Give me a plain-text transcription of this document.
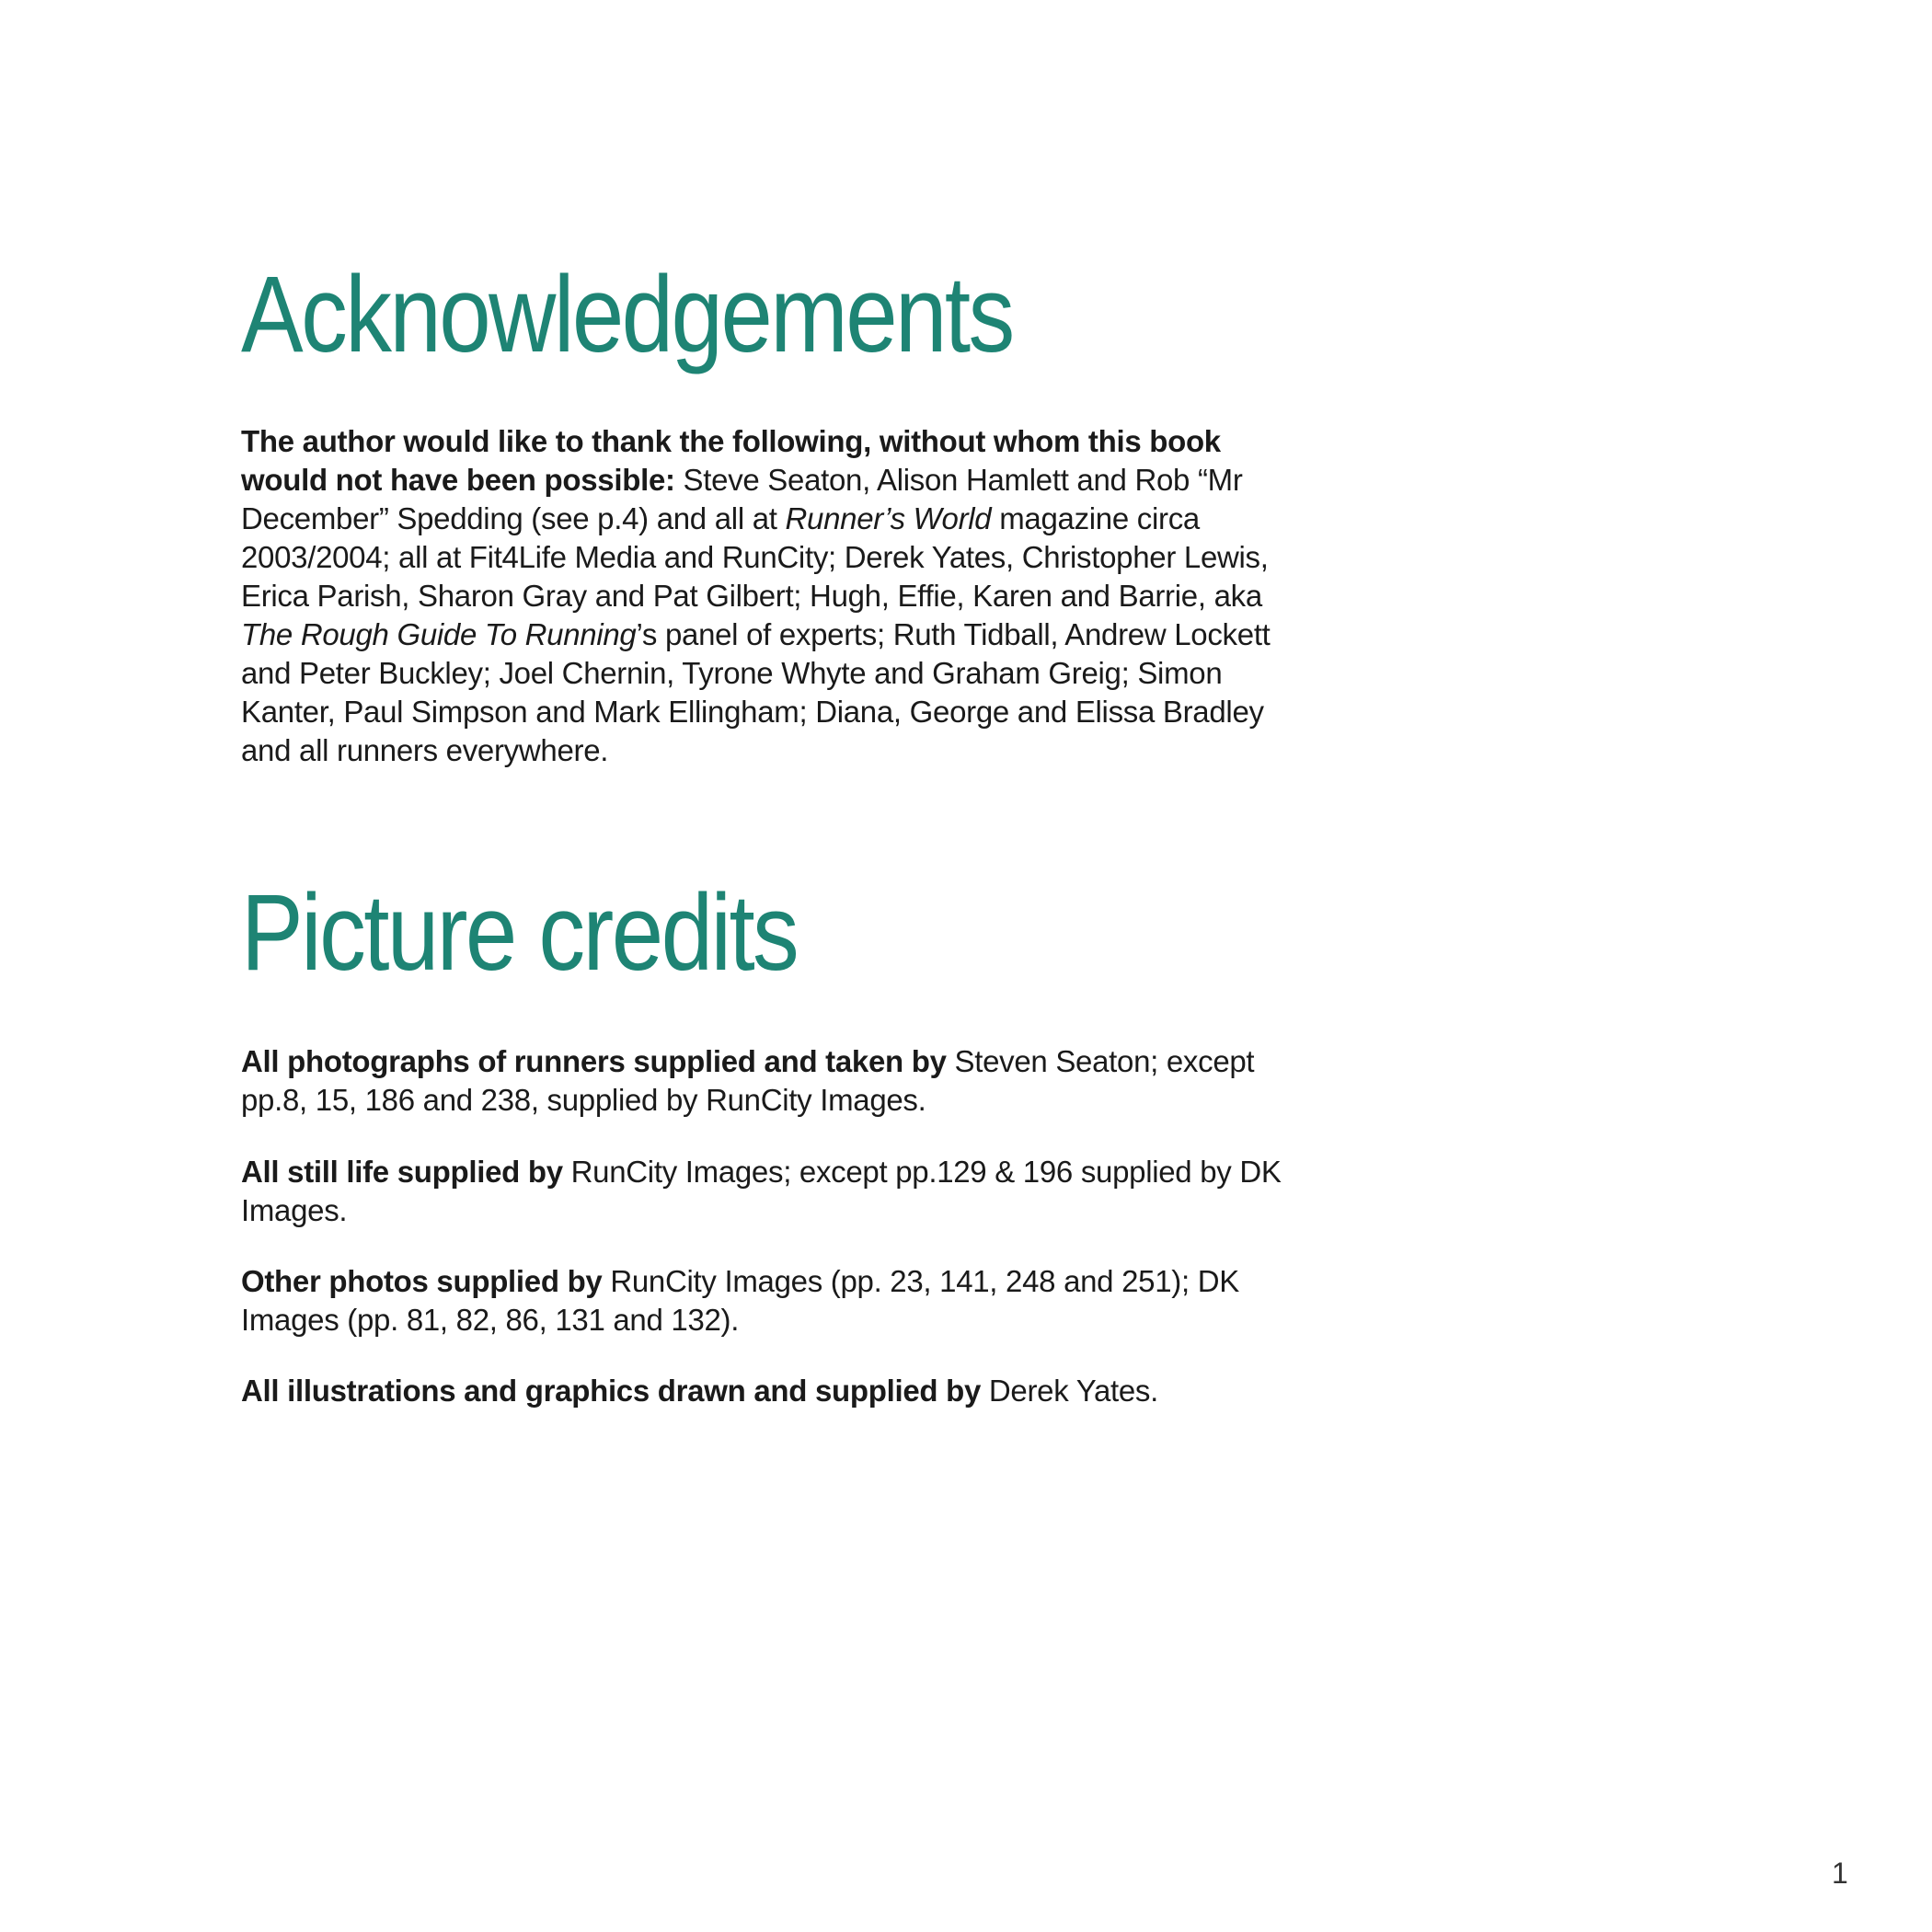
Acknowledgements

The author would like to thank the following, without whom this book would not have been possible: Steve Seaton, Alison Hamlett and Rob “Mr December” Spedding (see p.4) and all at Runner’s World magazine circa 2003/2004; all at Fit4Life Media and RunCity; Derek Yates, Christopher Lewis, Erica Parish, Sharon Gray and Pat Gilbert; Hugh, Effie, Karen and Barrie, aka The Rough Guide To Running’s panel of experts; Ruth Tidball, Andrew Lockett and Peter Buckley; Joel Chernin, Tyrone Whyte and Graham Greig; Simon Kanter, Paul Simpson and Mark Ellingham; Diana, George and Elissa Bradley and all runners everywhere.

Picture credits

All photographs of runners supplied and taken by Steven Seaton; except pp.8, 15, 186 and 238, supplied by RunCity Images.

All still life supplied by RunCity Images; except pp.129 & 196 supplied by DK Images.

Other photos supplied by RunCity Images (pp. 23, 141, 248 and 251); DK Images (pp. 81, 82, 86, 131 and 132).

All illustrations and graphics drawn and supplied by Derek Yates.

1
